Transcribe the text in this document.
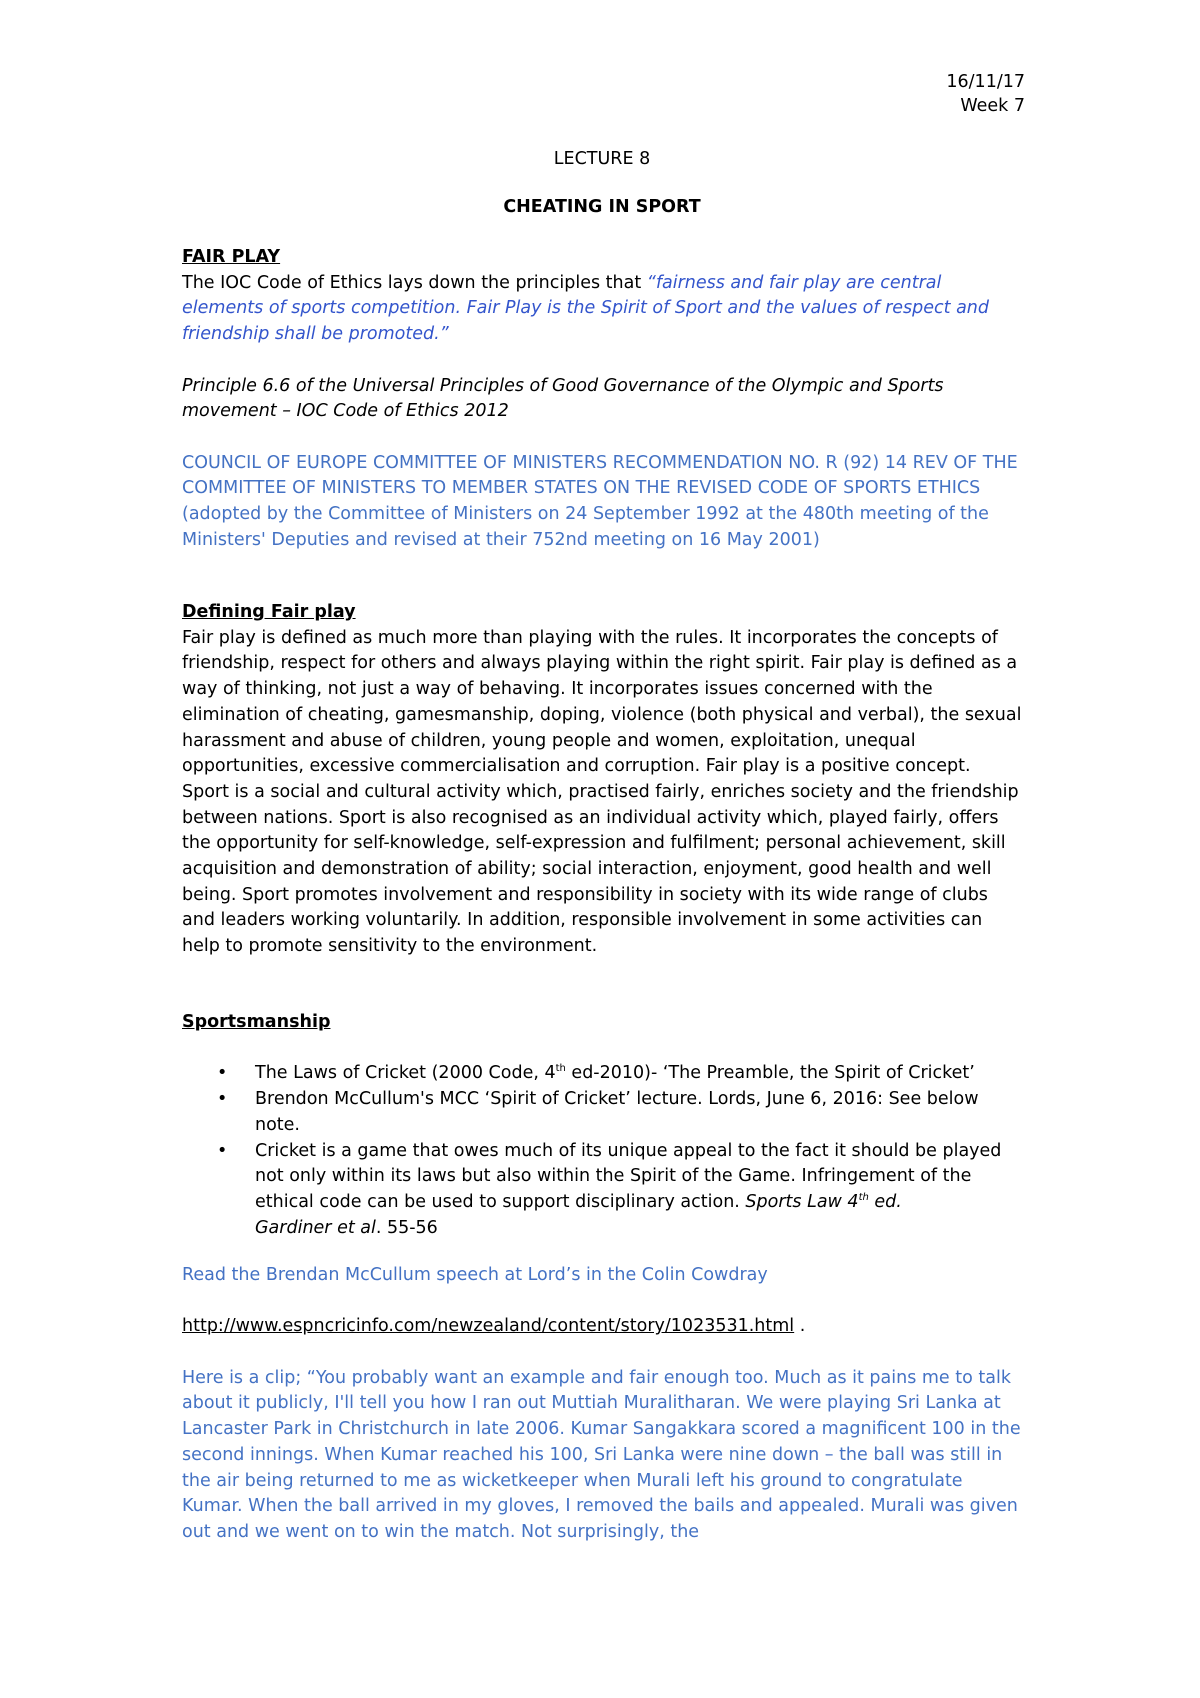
16/11/17
Week 7
LECTURE 8
CHEATING IN SPORT

FAIR PLAY

The IOC Code of Ethics lays down the principles that “fairness and fair play are central elements of sports competition. Fair Play is the Spirit of Sport and the values of respect and friendship shall be promoted.”

Principle 6.6 of the Universal Principles of Good Governance of the Olympic and Sports movement – IOC Code of Ethics 2012

COUNCIL OF EUROPE COMMITTEE OF MINISTERS RECOMMENDATION NO. R (92) 14 REV OF THE COMMITTEE OF MINISTERS TO MEMBER STATES ON THE REVISED CODE OF SPORTS ETHICS (adopted by the Committee of Ministers on 24 September 1992 at the 480th meeting of the Ministers' Deputies and revised at their 752nd meeting on 16 May 2001)

Defining Fair play

Fair play is defined as much more than playing with the rules. It incorporates the concepts of friendship, respect for others and always playing within the right spirit. Fair play is defined as a way of thinking, not just a way of behaving. It incorporates issues concerned with the elimination of cheating, gamesmanship, doping, violence (both physical and verbal), the sexual harassment and abuse of children, young people and women, exploitation, unequal opportunities, excessive commercialisation and corruption. Fair play is a positive concept.

Sport is a social and cultural activity which, practised fairly, enriches society and the friendship between nations. Sport is also recognised as an individual activity which, played fairly, offers the opportunity for self-knowledge, self-expression and fulfilment; personal achievement, skill acquisition and demonstration of ability; social interaction, enjoyment, good health and well being. Sport promotes involvement and responsibility in society with its wide range of clubs and leaders working voluntarily. In addition, responsible involvement in some activities can help to promote sensitivity to the environment.

Sportsmanship

• The Laws of Cricket (2000 Code, 4th ed-2010)- ‘The Preamble, the Spirit of Cricket’
• Brendon McCullum's MCC ‘Spirit of Cricket’ lecture. Lords, June 6, 2016: See below note.
• Cricket is a game that owes much of its unique appeal to the fact it should be played not only within its laws but also within the Spirit of the Game. Infringement of the ethical code can be used to support disciplinary action. Sports Law 4th ed.
Gardiner et al. 55-56

Read the Brendan McCullum speech at Lord’s in the Colin Cowdray

http://www.espncricinfo.com/newzealand/content/story/1023531.html .

Here is a clip; “You probably want an example and fair enough too. Much as it pains me to talk about it publicly, I'll tell you how I ran out Muttiah Muralitharan. We were playing Sri Lanka at Lancaster Park in Christchurch in late 2006. Kumar Sangakkara scored a magnificent 100 in the second innings. When Kumar reached his 100, Sri Lanka were nine down – the ball was still in the air being returned to me as wicketkeeper when Murali left his ground to congratulate Kumar. When the ball arrived in my gloves, I removed the bails and appealed. Murali was given out and we went on to win the match. Not surprisingly, the
